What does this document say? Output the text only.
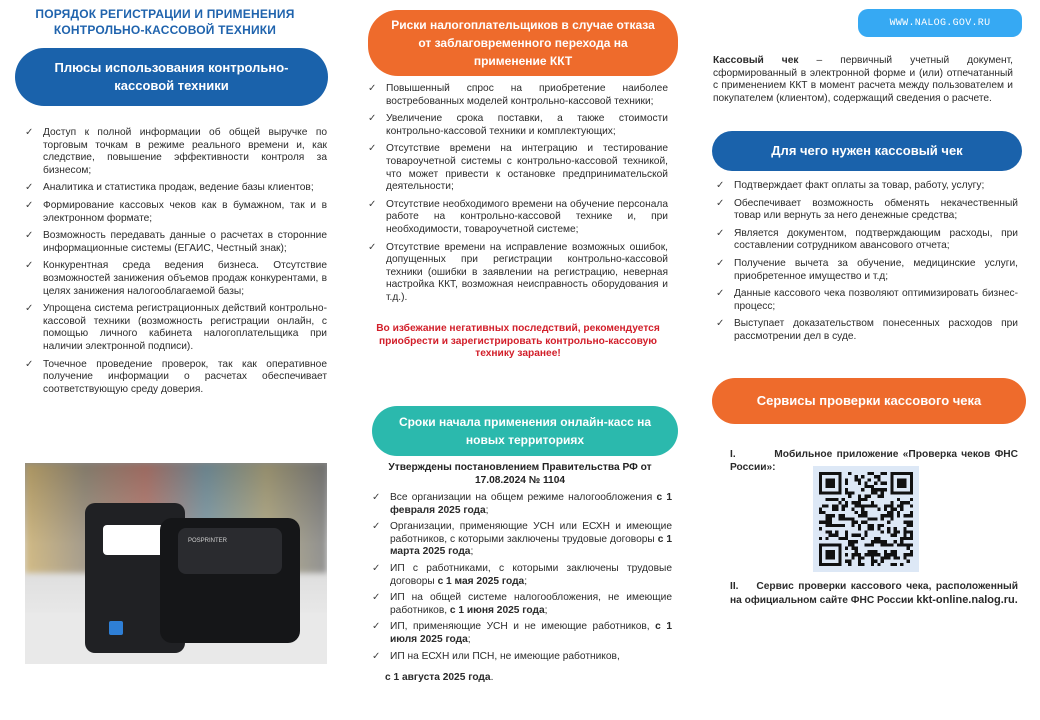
ПОРЯДОК РЕГИСТРАЦИИ И ПРИМЕНЕНИЯ КОНТРОЛЬНО-КАССОВОЙ ТЕХНИКИ
Плюсы использования контрольно-кассовой техники
✓ Доступ к полной информации об общей выручке по торговым точкам в режиме реального времени и, как следствие, повышение эффективности контроля за бизнесом;
✓ Аналитика и статистика продаж, ведение базы клиентов;
✓ Формирование кассовых чеков как в бумажном, так и в электронном формате;
✓ Возможность передавать данные о расчетах в сторонние информационные системы (ЕГАИС, Честный знак);
✓ Конкурентная среда ведения бизнеса. Отсутствие возможностей занижения объемов продаж конкурентами, в целях занижения налогооблагаемой базы;
✓ Упрощена система регистрационных действий контрольно-кассовой техники (возможность регистрации онлайн, с помощью личного кабинета налогоплательщика при наличии электронной подписи).
✓ Точечное проведение проверок, так как оперативное получение информации о расчетах обеспечивает соответствующую среду доверия.
POSPRINTER
Риски налогоплательщиков в случае отказа от заблаговременного перехода на применение ККТ
✓ Повышенный спрос на приобретение наиболее востребованных моделей контрольно-кассовой техники;
✓ Увеличение срока поставки, а также стоимости контрольно-кассовой техники и комплектующих;
✓ Отсутствие времени на интеграцию и тестирование товароучетной системы с контрольно-кассовой техникой, что может привести к остановке предпринимательской деятельности;
✓ Отсутствие необходимого времени на обучение персонала работе на контрольно-кассовой технике и, при необходимости, товароучетной системе;
✓ Отсутствие времени на исправление возможных ошибок, допущенных при регистрации контрольно-кассовой техники (ошибки в заявлении на регистрацию, неверная настройка ККТ, возможная неисправность оборудования и т.д.).
Во избежание негативных последствий, рекомендуется приобрести и зарегистрировать контрольно-кассовую технику заранее!
Сроки начала применения онлайн-касс на новых территориях
Утверждены постановлением Правительства РФ от 17.08.2024 № 1104
✓ Все организации на общем режиме налогообложения с 1 февраля 2025 года;
✓ Организации, применяющие УСН или ЕСХН и имеющие работников, с которыми заключены трудовые договоры с 1 марта 2025 года;
✓ ИП с работниками, с которыми заключены трудовые договоры с 1 мая 2025 года;
✓ ИП на общей системе налогообложения, не имеющие работников, с 1 июня 2025 года;
✓ ИП, применяющие УСН и не имеющие работников, с 1 июля 2025 года;
✓ ИП на ЕСХН или ПСН, не имеющие работников,
с 1 августа 2025 года.
WWW.NALOG.GOV.RU
Кассовый чек – первичный учетный документ, сформированный в электронной форме и (или) отпечатанный с применением ККТ в момент расчета между пользователем и покупателем (клиентом), содержащий сведения о расчете.
Для чего нужен кассовый чек
✓ Подтверждает факт оплаты за товар, работу, услугу;
✓ Обеспечивает возможность обменять некачественный товар или вернуть за него денежные средства;
✓ Является документом, подтверждающим расходы, при составлении сотрудником авансового отчета;
✓ Получение вычета за обучение, медицинские услуги, приобретенное имущество и т.д;
✓ Данные кассового чека позволяют оптимизировать бизнес-процесс;
✓ Выступает доказательством понесенных расходов при рассмотрении дел в суде.
Сервисы проверки кассового чека
I.	Мобильное приложение «Проверка чеков ФНС России»:
II. Сервис проверки кассового чека, расположенный на официальном сайте ФНС России kkt-online.nalog.ru.
